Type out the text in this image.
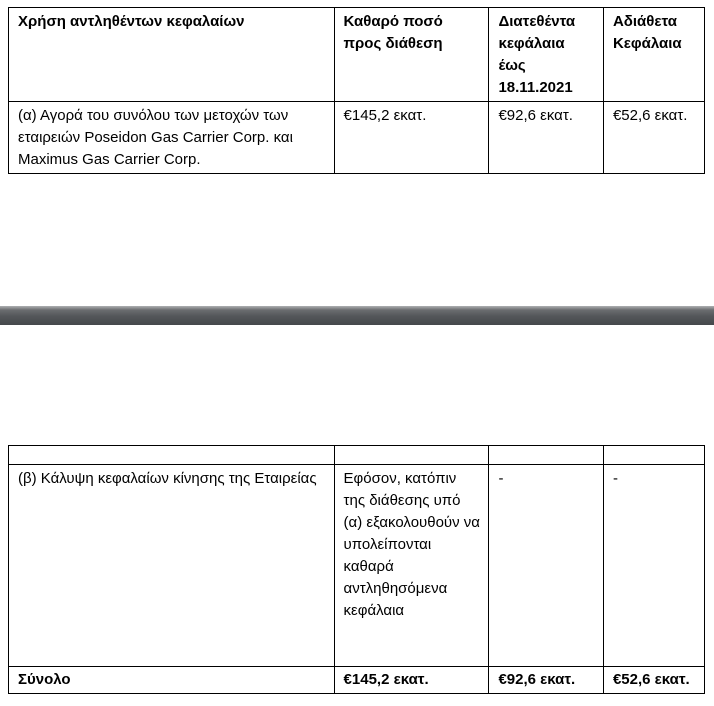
Χρήση αντληθέντων κεφαλαίων	Καθαρό ποσό προς διάθεση	Διατεθέντα κεφάλαια έως 18.11.2021	Αδιάθετα Κεφάλαια
(α) Αγορά του συνόλου των μετοχών των εταιρειών Poseidon Gas Carrier Corp. και Maximus Gas Carrier Corp.	€145,2 εκατ.	€92,6 εκατ.	€52,6 εκατ.

(β) Κάλυψη κεφαλαίων κίνησης της Εταιρείας	Εφόσον, κατόπιν της διάθεσης υπό (α) εξακολουθούν να υπολείπονται καθαρά αντληθησόμενα κεφάλαια	-	-
Σύνολο	€145,2 εκατ.	€92,6 εκατ.	€52,6 εκατ.
